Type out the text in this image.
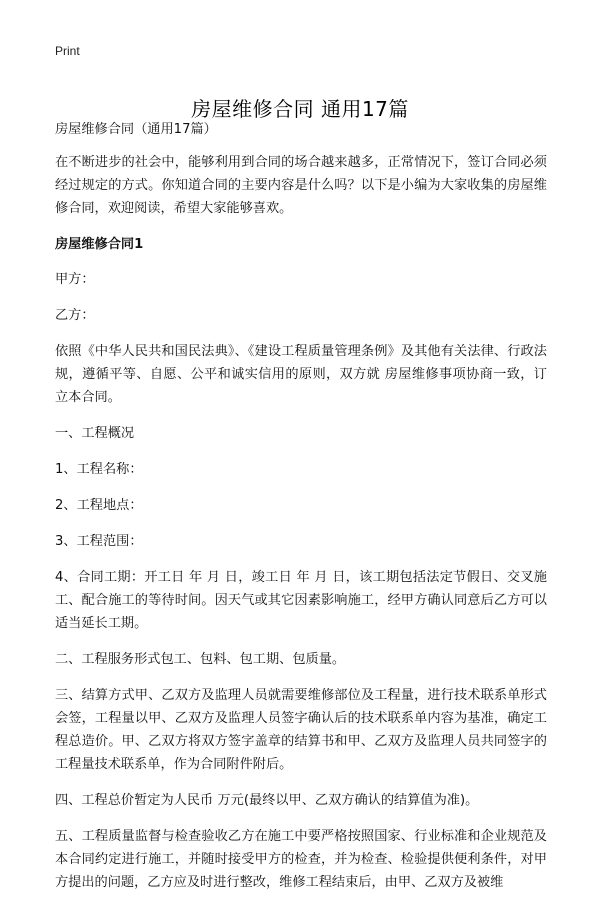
Print
房屋维修合同 通用17篇

房屋维修合同（通用17篇）

在不断进步的社会中，能够利用到合同的场合越来越多，正常情况下，签订合同必须经过规定的方式。你知道合同的主要内容是什么吗？以下是小编为大家收集的房屋维修合同，欢迎阅读，希望大家能够喜欢。

房屋维修合同1

甲方：

乙方：

依照《中华人民共和国民法典》、《建设工程质量管理条例》及其他有关法律、行政法规，遵循平等、自愿、公平和诚实信用的原则，双方就 房屋维修事项协商一致，订立本合同。

一、工程概况

1、工程名称：

2、工程地点：

3、工程范围：

4、合同工期：开工日 年 月 日，竣工日 年 月 日，该工期包括法定节假日、交叉施工、配合施工的等待时间。因天气或其它因素影响施工，经甲方确认同意后乙方可以适当延长工期。

二、工程服务形式包工、包料、包工期、包质量。

三、结算方式甲、乙双方及监理人员就需要维修部位及工程量，进行技术联系单形式会签，工程量以甲、乙双方及监理人员签字确认后的技术联系单内容为基准，确定工程总造价。甲、乙双方将双方签字盖章的结算书和甲、乙双方及监理人员共同签字的工程量技术联系单，作为合同附件附后。

四、工程总价暂定为人民币 万元(最终以甲、乙双方确认的结算值为准)。

五、工程质量监督与检查验收乙方在施工中要严格按照国家、行业标准和企业规范及本合同约定进行施工，并随时接受甲方的检查，并为检查、检验提供便利条件，对甲方提出的问题，乙方应及时进行整改，维修工程结束后，由甲、乙双方及被维
